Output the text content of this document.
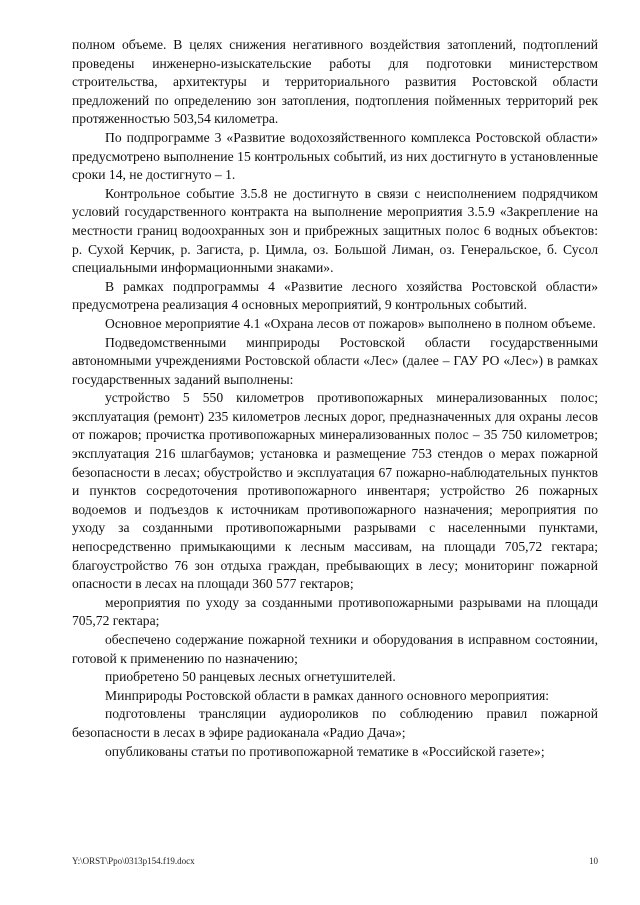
полном объеме. В целях снижения негативного воздействия затоплений, подтоплений проведены инженерно-изыскательские работы для подготовки министерством строительства, архитектуры и территориального развития Ростовской области предложений по определению зон затопления, подтопления пойменных территорий рек протяженностью 503,54 километра.

По подпрограмме 3 «Развитие водохозяйственного комплекса Ростовской области» предусмотрено выполнение 15 контрольных событий, из них достигнуто в установленные сроки 14, не достигнуто – 1.

Контрольное событие 3.5.8 не достигнуто в связи с неисполнением подрядчиком условий государственного контракта на выполнение мероприятия 3.5.9 «Закрепление на местности границ водоохранных зон и прибрежных защитных полос 6 водных объектов: р. Сухой Керчик, р. Загиста, р. Цимла, оз. Большой Лиман, оз. Генеральское, б. Сусол специальными информационными знаками».

В рамках подпрограммы 4 «Развитие лесного хозяйства Ростовской области» предусмотрена реализация 4 основных мероприятий, 9 контрольных событий.

Основное мероприятие 4.1 «Охрана лесов от пожаров» выполнено в полном объеме.

Подведомственными минприроды Ростовской области государственными автономными учреждениями Ростовской области «Лес» (далее – ГАУ РО «Лес») в рамках государственных заданий выполнены:

устройство 5 550 километров противопожарных минерализованных полос; эксплуатация (ремонт) 235 километров лесных дорог, предназначенных для охраны лесов от пожаров; прочистка противопожарных минерализованных полос – 35 750 километров; эксплуатация 216 шлагбаумов; установка и размещение 753 стендов о мерах пожарной безопасности в лесах; обустройство и эксплуатация 67 пожарно-наблюдательных пунктов и пунктов сосредоточения противопожарного инвентаря; устройство 26 пожарных водоемов и подъездов к источникам противопожарного назначения; мероприятия по уходу за созданными противопожарными разрывами с населенными пунктами, непосредственно примыкающими к лесным массивам, на площади 705,72 гектара; благоустройство 76 зон отдыха граждан, пребывающих в лесу; мониторинг пожарной опасности в лесах на площади 360 577 гектаров;

мероприятия по уходу за созданными противопожарными разрывами на площади 705,72 гектара;

обеспечено содержание пожарной техники и оборудования в исправном состоянии, готовой к применению по назначению;

приобретено 50 ранцевых лесных огнетушителей.

Минприроды Ростовской области в рамках данного основного мероприятия:

подготовлены трансляции аудиороликов по соблюдению правил пожарной безопасности в лесах в эфире радиоканала «Радио Дача»;

опубликованы статьи по противопожарной тематике в «Российской газете»;

Y:\ORST\Ppo\0313p154.f19.docx	10
